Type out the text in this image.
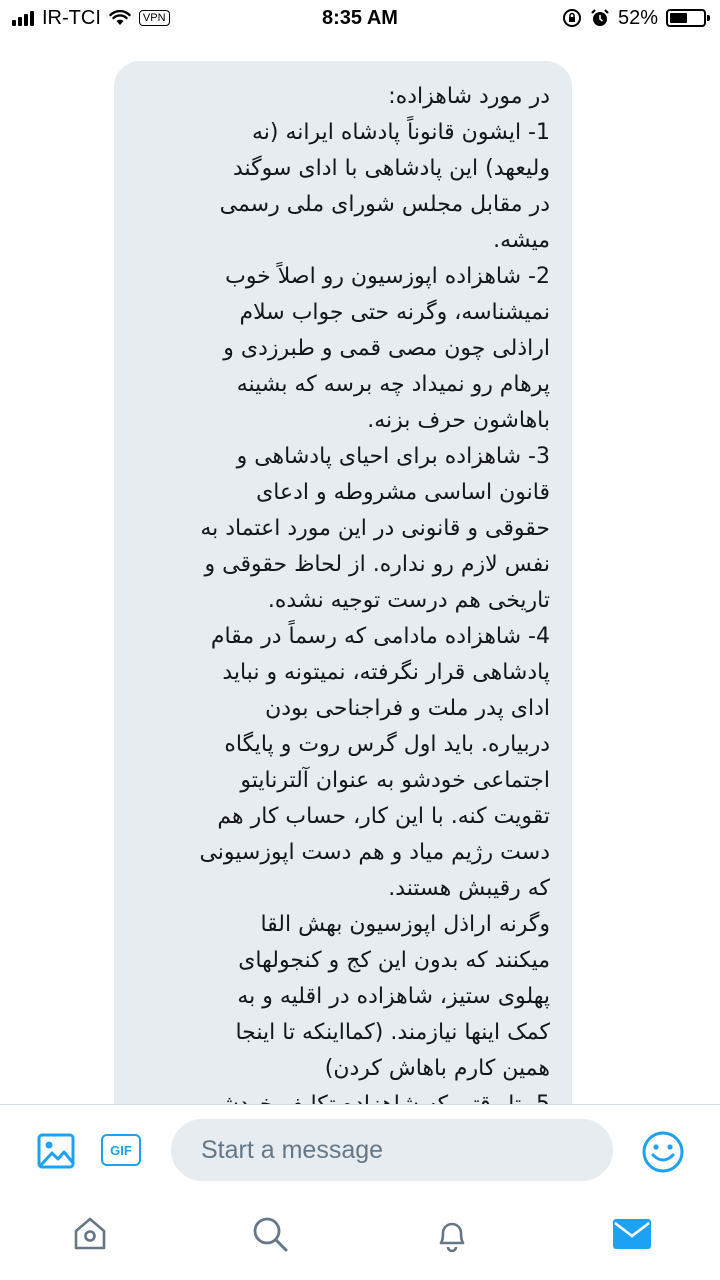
IR-TCI	VPN	8:35 AM	52%
در مورد شاهزاده:
1- ایشون قانوناً پادشاه ایرانه (نه
ولیعهد) این پادشاهی با ادای سوگند
در مقابل مجلس شورای ملی رسمی
میشه.
2- شاهزاده اپوزسیون رو اصلاً خوب
نمیشناسه، وگرنه حتی جواب سلام
اراذلی چون مصی قمی و طبرزدی و
پرهام رو نمیداد چه برسه که بشینه
باهاشون حرف بزنه.
3- شاهزاده برای احیای پادشاهی و
قانون اساسی مشروطه و ادعای
حقوقی و قانونی در این مورد اعتماد به
نفس لازم رو نداره. از لحاظ حقوقی و
تاریخی هم درست توجیه نشده.
4- شاهزاده مادامی که رسماً در مقام
پادشاهی قرار نگرفته، نمیتونه و نباید
ادای پدر ملت و فراجناحی بودن
دربیاره. باید اول گرس روت و پایگاه
اجتماعی خودشو به عنوان آلترنایتو
تقویت کنه. با این کار، حساب کار هم
دست رژیم میاد و هم دست اپوزسیونی
که رقیبش هستند.
وگرنه اراذل اپوزسیون بهش القا
میکنند که بدون این کج و کنجولهای
پهلوی ستیز، شاهزاده در اقلیه و به
کمک اینها نیازمند. (کمااینکه تا اینجا
همین کارم باهاش کردن)
GIF	Start a message
